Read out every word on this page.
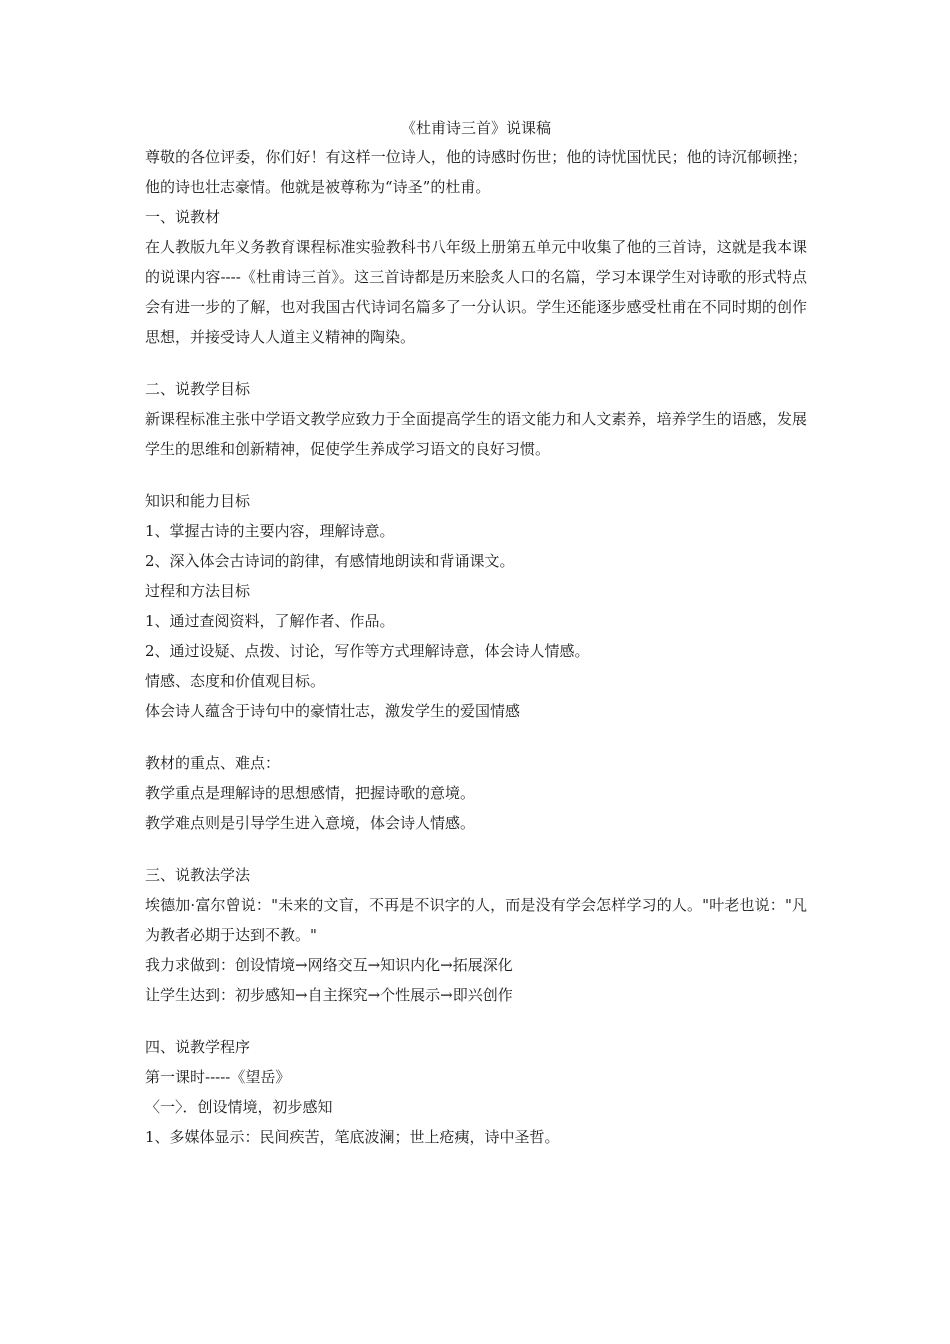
《杜甫诗三首》说课稿

尊敬的各位评委，你们好！有这样一位诗人，他的诗感时伤世；他的诗忧国忧民；他的诗沉郁顿挫；他的诗也壮志豪情。他就是被尊称为“诗圣”的杜甫。

一、说教材

在人教版九年义务教育课程标准实验教科书八年级上册第五单元中收集了他的三首诗，这就是我本课的说课内容----《杜甫诗三首》。这三首诗都是历来脍炙人口的名篇，学习本课学生对诗歌的形式特点会有进一步的了解，也对我国古代诗词名篇多了一分认识。学生还能逐步感受杜甫在不同时期的创作思想，并接受诗人人道主义精神的陶染。

二、说教学目标

新课程标准主张中学语文教学应致力于全面提高学生的语文能力和人文素养，培养学生的语感，发展学生的思维和创新精神，促使学生养成学习语文的良好习惯。

知识和能力目标

1、掌握古诗的主要内容，理解诗意。

2、深入体会古诗词的韵律，有感情地朗读和背诵课文。

过程和方法目标

1、通过查阅资料，了解作者、作品。

2、通过设疑、点拨、讨论，写作等方式理解诗意，体会诗人情感。

情感、态度和价值观目标。

体会诗人蕴含于诗句中的豪情壮志，激发学生的爱国情感

教材的重点、难点：

教学重点是理解诗的思想感情，把握诗歌的意境。

教学难点则是引导学生进入意境，体会诗人情感。

三、说教法学法

埃德加·富尔曾说："未来的文盲，不再是不识字的人，而是没有学会怎样学习的人。"叶老也说："凡为教者必期于达到不教。"

我力求做到：创设情境→网络交互→知识内化→拓展深化

让学生达到：初步感知→自主探究→个性展示→即兴创作

四、说教学程序

第一课时-----《望岳》

〈一〉．创设情境，初步感知

1、多媒体显示：民间疾苦，笔底波澜；世上疮痍，诗中圣哲。
